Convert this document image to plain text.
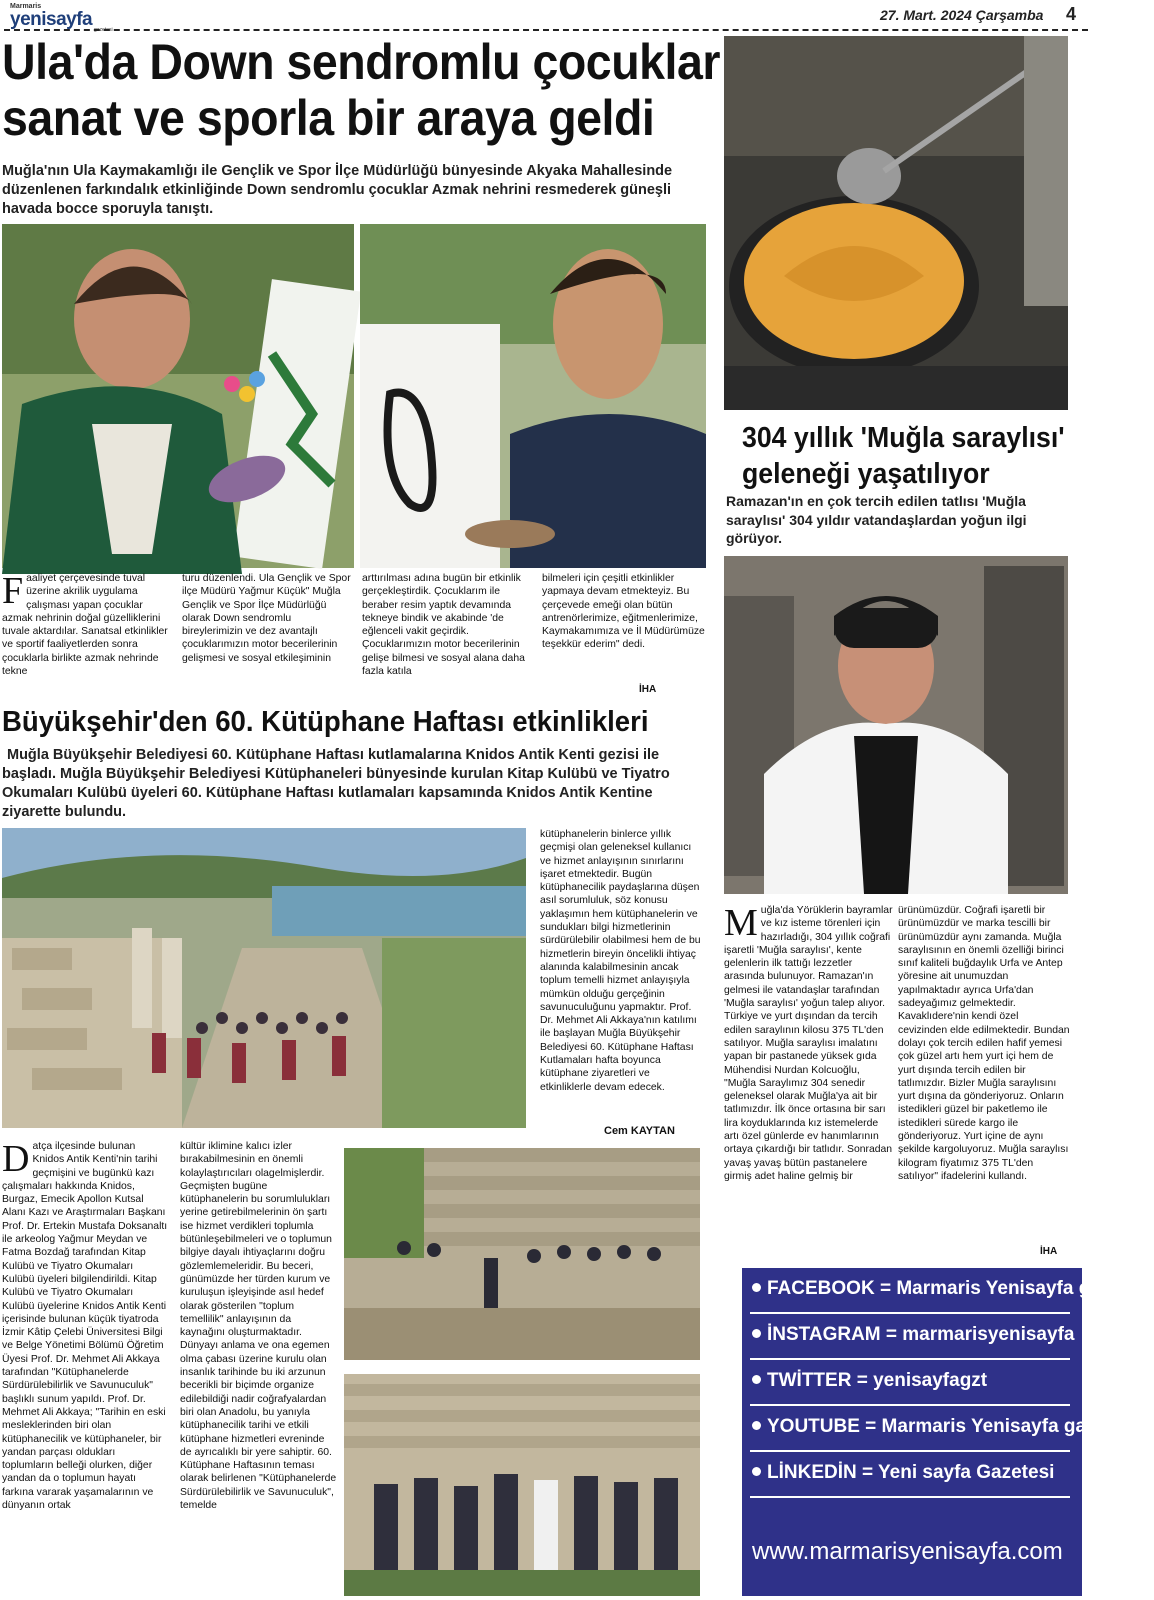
Marmaris
yenisayfa gazetesi
27. Mart. 2024 Çarşamba 4
Ula'da Down sendromlu çocuklar
sanat ve sporla bir araya geldi
Muğla'nın Ula Kaymakamlığı ile Gençlik ve Spor İlçe Müdürlüğü bünyesinde Akyaka Mahallesinde düzenlenen farkındalık etkinliğinde Down sendromlu çocuklar Azmak nehrini resmederek güneşli havada bocce sporuyla tanıştı.
Faaliyet çerçevesinde tuval üzerine akrilik uygulama çalışması yapan çocuklar azmak nehrinin doğal güzelliklerini tuvale aktardılar. Sanatsal etkinlikler ve sportif faaliyetlerden sonra çocuklarla birlikte azmak nehrinde tekne
turu düzenlendi. Ula Gençlik ve Spor ilçe Müdürü Yağmur Küçük" Muğla Gençlik ve Spor İlçe Müdürlüğü olarak Down sendromlu bireylerimizin ve dez avantajlı çocuklarımızın motor becerilerinin gelişmesi ve sosyal etkileşiminin
arttırılması adına bugün bir etkinlik gerçekleştirdik. Çocuklarım ile beraber resim yaptık devamında tekneye bindik ve akabinde 'de eğlenceli vakit geçirdik. Çocuklarımızın motor becerilerinin gelişe bilmesi ve sosyal alana daha fazla katıla
bilmeleri için çeşitli etkinlikler yapmaya devam etmekteyiz. Bu çerçevede emeği olan bütün antrenörlerimize, eğitmenlerimize, Kaymakamımıza ve İl Müdürümüze teşekkür ederim" dedi.
İHA
Büyükşehir'den 60. Kütüphane Haftası etkinlikleri
Muğla Büyükşehir Belediyesi 60. Kütüphane Haftası kutlamalarına Knidos Antik Kenti gezisi ile başladı. Muğla Büyükşehir Belediyesi Kütüphaneleri bünyesinde kurulan Kitap Kulübü ve Tiyatro Okumaları Kulübü üyeleri 60. Kütüphane Haftası kutlamaları kapsamında Knidos Antik Kentine ziyarette bulundu.
kütüphanelerin binlerce yıllık geçmişi olan geleneksel kullanıcı ve hizmet anlayışının sınırlarını işaret etmektedir. Bugün kütüphanecilik paydaşlarına düşen asıl sorumluluk, söz konusu yaklaşımın hem kütüphanelerin ve sundukları bilgi hizmetlerinin sürdürülebilir olabilmesi hem de bu hizmetlerin bireyin öncelikli ihtiyaç alanında kalabilmesinin ancak toplum temelli hizmet anlayışıyla mümkün olduğu gerçeğinin savunuculuğunu yapmaktır. Prof. Dr. Mehmet Ali Akkaya'nın katılımı ile başlayan Muğla Büyükşehir Belediyesi 60. Kütüphane Haftası Kutlamaları hafta boyunca kütüphane ziyaretleri ve etkinliklerle devam edecek.
Cem KAYTAN
Datça ilçesinde bulunan Knidos Antik Kenti'nin tarihi geçmişini ve bugünkü kazı çalışmaları hakkında Knidos, Burgaz, Emecik Apollon Kutsal Alanı Kazı ve Araştırmaları Başkanı Prof. Dr. Ertekin Mustafa Doksanaltı ile arkeolog Yağmur Meydan ve Fatma Bozdağ tarafından Kitap Kulübü ve Tiyatro Okumaları Kulübü üyeleri bilgilendirildi. Kitap Kulübü ve Tiyatro Okumaları Kulübü üyelerine Knidos Antik Kenti içerisinde bulunan küçük tiyatroda İzmir Kâtip Çelebi Üniversitesi Bilgi ve Belge Yönetimi Bölümü Öğretim Üyesi Prof. Dr. Mehmet Ali Akkaya tarafından "Kütüphanelerde Sürdürülebilirlik ve Savunuculuk" başlıklı sunum yapıldı. Prof. Dr. Mehmet Ali Akkaya; "Tarihin en eski mesleklerinden biri olan kütüphanecilik ve kütüphaneler, bir yandan parçası oldukları toplumların belleği olurken, diğer yandan da o toplumun hayatı farkına vararak yaşamalarının ve dünyanın ortak
kültür iklimine kalıcı izler bırakabilmesinin en önemli kolaylaştırıcıları olagelmişlerdir. Geçmişten bugüne kütüphanelerin bu sorumlulukları yerine getirebilmelerinin ön şartı ise hizmet verdikleri toplumla bütünleşebilmeleri ve o toplumun bilgiye dayalı ihtiyaçlarını doğru gözlemlemeleridir. Bu beceri, günümüzde her türden kurum ve kuruluşun işleyişinde asıl hedef olarak gösterilen "toplum temellilik" anlayışının da kaynağını oluşturmaktadır. Dünyayı anlama ve ona egemen olma çabası üzerine kurulu olan insanlık tarihinde bu iki arzunun becerikli bir biçimde organize edilebildiği nadir coğrafyalardan biri olan Anadolu, bu yanıyla kütüphanecilik tarihi ve etkili kütüphane hizmetleri evreninde de ayrıcalıklı bir yere sahiptir. 60. Kütüphane Haftasının teması olarak belirlenen "Kütüphanelerde Sürdürülebilirlik ve Savunuculuk", temelde
304 yıllık 'Muğla saraylısı'
geleneği yaşatılıyor
Ramazan'ın en çok tercih edilen tatlısı 'Muğla saraylısı' 304 yıldır vatandaşlardan yoğun ilgi görüyor.
Muğla'da Yörüklerin bayramlar ve kız isteme törenleri için hazırladığı, 304 yıllık coğrafi işaretli 'Muğla saraylısı', kente gelenlerin ilk tattığı lezzetler arasında bulunuyor. Ramazan'ın gelmesi ile vatandaşlar tarafından 'Muğla saraylısı' yoğun talep alıyor. Türkiye ve yurt dışından da tercih edilen saraylının kilosu 375 TL'den satılıyor. Muğla saraylısı imalatını yapan bir pastanede yüksek gıda Mühendisi Nurdan Kolcuoğlu, "Muğla Saraylımız 304 senedir geleneksel olarak Muğla'ya ait bir tatlımızdır. İlk önce ortasına bir sarı lira koyduklarında kız istemelerde artı özel günlerde ev hanımlarının ortaya çıkardığı bir tatlıdır. Sonradan yavaş yavaş bütün pastanelere girmiş adet haline gelmiş bir
ürünümüzdür. Coğrafi işaretli bir ürünümüzdür ve marka tescilli bir ürünümüzdür aynı zamanda. Muğla saraylısının en önemli özelliği birinci sınıf kaliteli buğdaylık Urfa ve Antep yöresine ait unumuzdan yapılmaktadır ayrıca Urfa'dan sadeyağımız gelmektedir. Kavaklıdere'nin kendi özel cevizinden elde edilmektedir. Bundan dolayı çok tercih edilen hafif yemesi çok güzel artı hem yurt içi hem de yurt dışında tercih edilen bir tatlımızdır. Bizler Muğla saraylısını yurt dışına da gönderiyoruz. Onların istedikleri güzel bir paketlemo ile istedikleri sürede kargo ile gönderiyoruz. Yurt içine de aynı şekilde kargoluyoruz. Muğla saraylısı kilogram fiyatımız 375 TL'den satılıyor" ifadelerini kullandı.
İHA
FACEBOOK = Marmaris Yenisayfa gazetesi
İNSTAGRAM = marmarisyenisayfa
TWİTTER = yenisayfagzt
YOUTUBE = Marmaris Yenisayfa gazetesi
LİNKEDİN = Yeni sayfa Gazetesi
www.marmarisyenisayfa.com
